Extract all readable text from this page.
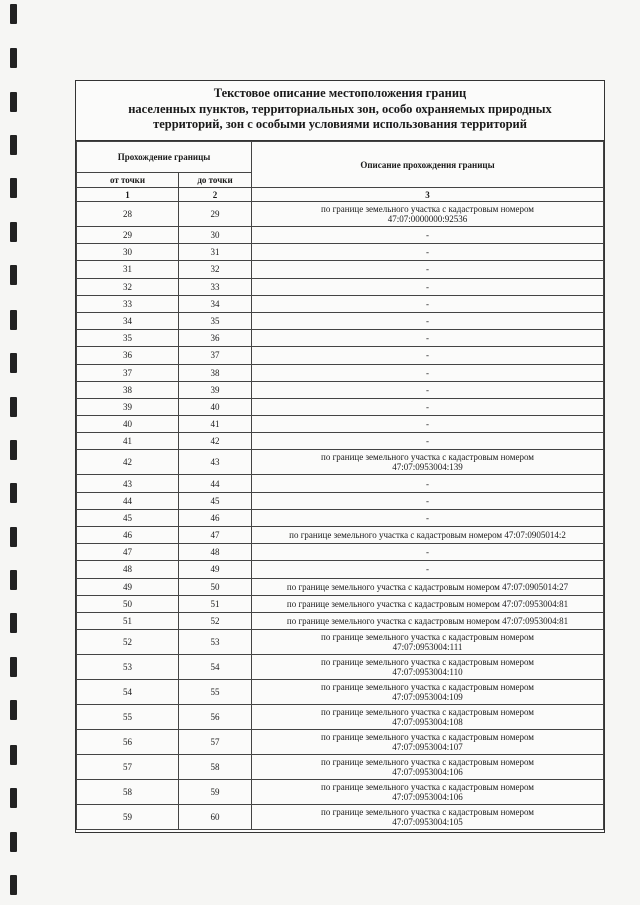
Текстовое описание местоположения границ
населенных пунктов, территориальных зон, особо охраняемых природных
территорий, зон с особыми условиями использования территорий
Прохождение границы		Описание прохождения границы
от точки	до точки	
1	2	3
28	29	по границе земельного участка с кадастровым номером
47:07:0000000:92536

29	30	-

30	31	-

31	32	-

32	33	-

33	34	-

34	35	-

35	36	-

36	37	-

37	38	-

38	39	-

39	40	-

40	41	-

41	42	-

42	43	по границе земельного участка с кадастровым номером
47:07:0953004:139

43	44	-

44	45	-

45	46	-

46	47	по границе земельного участка с кадастровым номером 47:07:0905014:2

47	48	-

48	49	-

49	50	по границе земельного участка с кадастровым номером 47:07:0905014:27

50	51	по границе земельного участка с кадастровым номером 47:07:0953004:81

51	52	по границе земельного участка с кадастровым номером 47:07:0953004:81

52	53	по границе земельного участка с кадастровым номером
47:07:0953004:111

53	54	по границе земельного участка с кадастровым номером
47:07:0953004:110

54	55	по границе земельного участка с кадастровым номером
47:07:0953004:109

55	56	по границе земельного участка с кадастровым номером
47:07:0953004:108

56	57	по границе земельного участка с кадастровым номером
47:07:0953004:107

57	58	по границе земельного участка с кадастровым номером
47:07:0953004:106

58	59	по границе земельного участка с кадастровым номером
47:07:0953004:106

59	60	по границе земельного участка с кадастровым номером
47:07:0953004:105
